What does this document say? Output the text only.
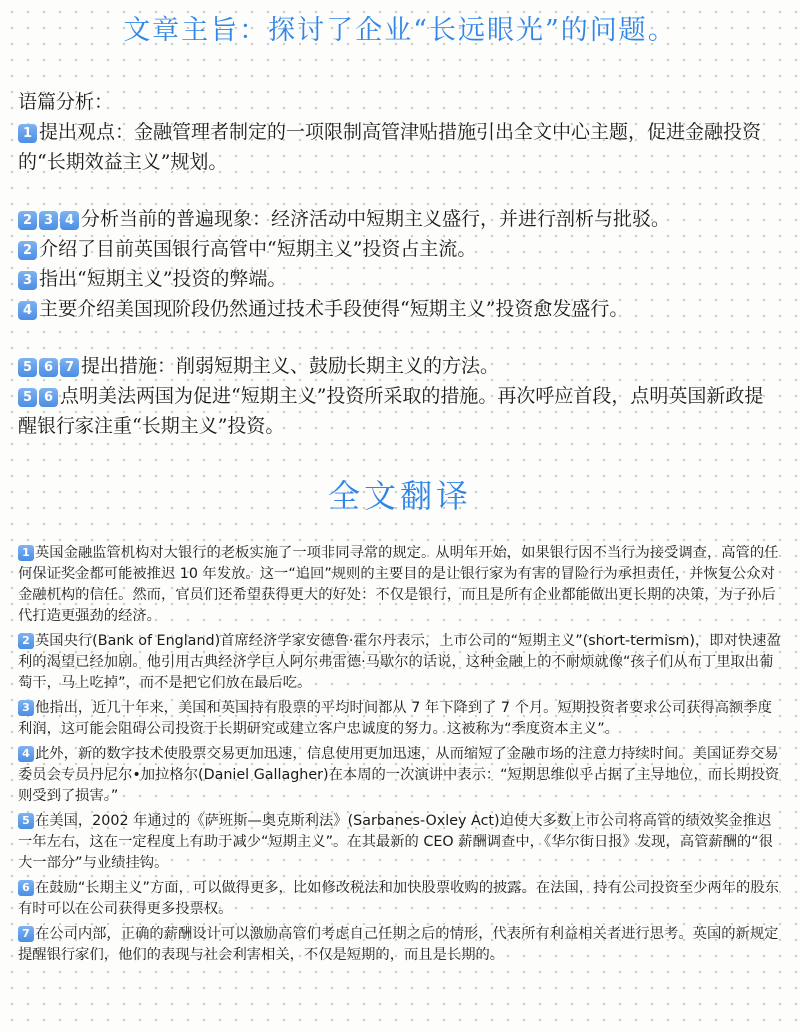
文章主旨：探讨了企业“长远眼光”的问题。

语篇分析：

1 提出观点：金融管理者制定的一项限制高管津贴措施引出全文中心主题，促进金融投资的“长期效益主义”规划。

2 3 4 分析当前的普遍现象：经济活动中短期主义盛行，并进行剖析与批驳。

2 介绍了目前英国银行高管中“短期主义”投资占主流。

3 指出“短期主义”投资的弊端。

4 主要介绍美国现阶段仍然通过技术手段使得“短期主义”投资愈发盛行。

5 6 7 提出措施：削弱短期主义、鼓励长期主义的方法。

5 6 点明美法两国为促进“短期主义”投资所采取的措施。再次呼应首段，点明英国新政提醒银行家注重“长期主义”投资。

全文翻译

1 英国金融监管机构对大银行的老板实施了一项非同寻常的规定。从明年开始，如果银行因不当行为接受调查，高管的任何保证奖金都可能被推迟 10 年发放。这一“追回”规则的主要目的是让银行家为有害的冒险行为承担责任，并恢复公众对金融机构的信任。然而，官员们还希望获得更大的好处：不仅是银行，而且是所有企业都能做出更长期的决策，为子孙后代打造更强劲的经济。

2 英国央行(Bank of England)首席经济学家安德鲁·霍尔丹表示，上市公司的“短期主义”(short-termism)，即对快速盈利的渴望已经加剧。他引用古典经济学巨人阿尔弗雷德·马歇尔的话说，这种金融上的不耐烦就像“孩子们从布丁里取出葡萄干，马上吃掉”，而不是把它们放在最后吃。

3 他指出，近几十年来，美国和英国持有股票的平均时间都从 7 年下降到了 7 个月。短期投资者要求公司获得高额季度利润，这可能会阻碍公司投资于长期研究或建立客户忠诚度的努力。这被称为“季度资本主义”。

4 此外，新的数字技术使股票交易更加迅速，信息使用更加迅速，从而缩短了金融市场的注意力持续时间。美国证券交易委员会专员丹尼尔•加拉格尔(Daniel Gallagher)在本周的一次演讲中表示：“短期思维似乎占据了主导地位，而长期投资则受到了损害。”

5 在美国，2002 年通过的《萨班斯—奥克斯利法》(Sarbanes-Oxley Act)迫使大多数上市公司将高管的绩效奖金推迟一年左右，这在一定程度上有助于减少“短期主义”。在其最新的 CEO 薪酬调查中，《华尔街日报》发现，高管薪酬的“很大一部分”与业绩挂钩。

6 在鼓励“长期主义”方面，可以做得更多，比如修改税法和加快股票收购的披露。在法国，持有公司投资至少两年的股东有时可以在公司获得更多投票权。

7 在公司内部，正确的薪酬设计可以激励高管们考虑自己任期之后的情形，代表所有利益相关者进行思考。英国的新规定提醒银行家们，他们的表现与社会利害相关，不仅是短期的，而且是长期的。
